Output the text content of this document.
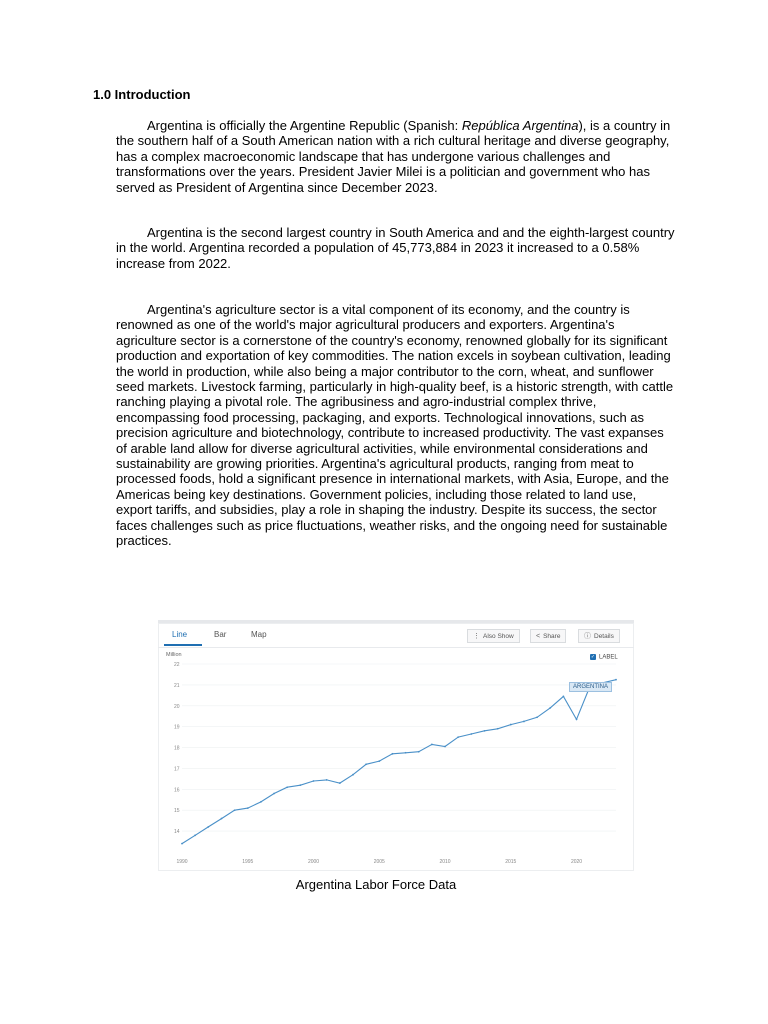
1.0 Introduction

Argentina is officially the Argentine Republic (Spanish: República Argentina), is a country in the southern half of a South American nation with a rich cultural heritage and diverse geography, has a complex macroeconomic landscape that has undergone various challenges and transformations over the years. President Javier Milei is a politician and government who has served as President of Argentina since December 2023.

Argentina is the second largest country in South America and and the eighth-largest country in the world. Argentina recorded a population of 45,773,884 in 2023 it increased to a 0.58% increase from 2022.

Argentina's agriculture sector is a vital component of its economy, and the country is renowned as one of the world's major agricultural producers and exporters. Argentina's agriculture sector is a cornerstone of the country's economy, renowned globally for its significant production and exportation of key commodities. The nation excels in soybean cultivation, leading the world in production, while also being a major contributor to the corn, wheat, and sunflower seed markets. Livestock farming, particularly in high-quality beef, is a historic strength, with cattle ranching playing a pivotal role. The agribusiness and agro-industrial complex thrive, encompassing food processing, packaging, and exports. Technological innovations, such as precision agriculture and biotechnology, contribute to increased productivity. The vast expanses of arable land allow for diverse agricultural activities, while environmental considerations and sustainability are growing priorities. Argentina's agricultural products, ranging from meat to processed foods, hold a significant presence in international markets, with Asia, Europe, and the Americas being key destinations. Government policies, including those related to land use, export tariffs, and subsidies, play a role in shaping the industry. Despite its success, the sector faces challenges such as price fluctuations, weather risks, and the ongoing need for sustainable practices.

Line	Bar	Map	⋮ Also Show	< Share	ⓘ Details
Million	✓ LABEL
14
15
16
17
18
19
20
21
22
1990	1995	2000	2005	2010	2015	2020
ARGENTINA
Argentina Labor Force Data
